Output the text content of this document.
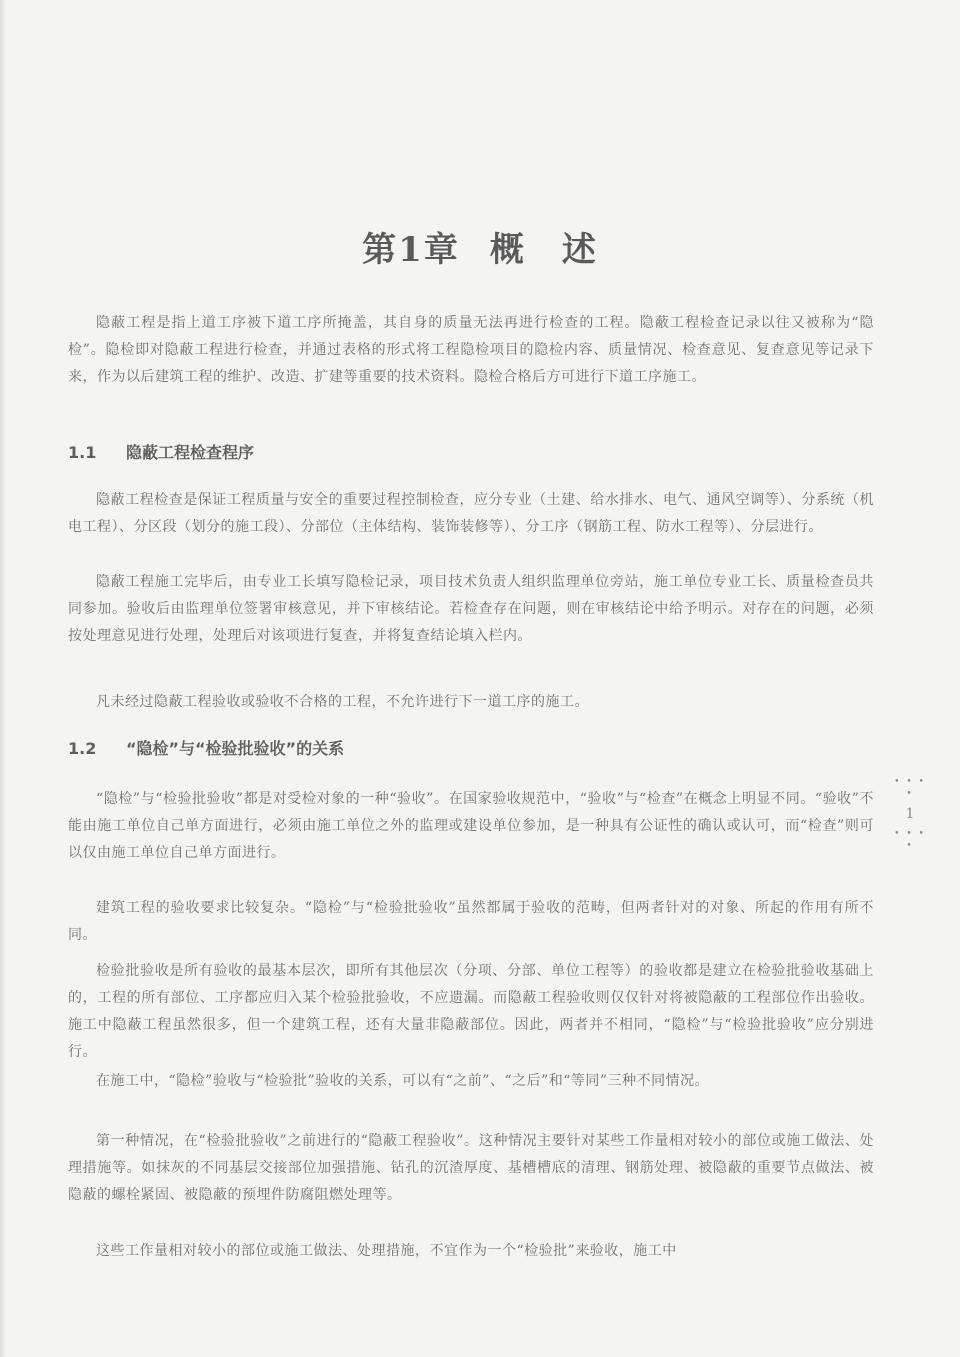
第1章 概　述

隐蔽工程是指上道工序被下道工序所掩盖，其自身的质量无法再进行检查的工程。隐蔽工程检查记录以往又被称为“隐检”。隐检即对隐蔽工程进行检查，并通过表格的形式将工程隐检项目的隐检内容、质量情况、检查意见、复查意见等记录下来，作为以后建筑工程的维护、改造、扩建等重要的技术资料。隐检合格后方可进行下道工序施工。

1.1 隐蔽工程检查程序

隐蔽工程检查是保证工程质量与安全的重要过程控制检查，应分专业（土建、给水排水、电气、通风空调等）、分系统（机电工程）、分区段（划分的施工段）、分部位（主体结构、装饰装修等）、分工序（钢筋工程、防水工程等）、分层进行。

隐蔽工程施工完毕后，由专业工长填写隐检记录，项目技术负责人组织监理单位旁站，施工单位专业工长、质量检查员共同参加。验收后由监理单位签署审核意见，并下审核结论。若检查存在问题，则在审核结论中给予明示。对存在的问题，必须按处理意见进行处理，处理后对该项进行复查，并将复查结论填入栏内。

凡未经过隐蔽工程验收或验收不合格的工程，不允许进行下一道工序的施工。

1.2 “隐检”与“检验批验收”的关系

“隐检”与“检验批验收”都是对受检对象的一种“验收”。在国家验收规范中，“验收”与“检查”在概念上明显不同。“验收”不能由施工单位自己单方面进行，必须由施工单位之外的监理或建设单位参加，是一种具有公证性的确认或认可，而“检查”则可以仅由施工单位自己单方面进行。

建筑工程的验收要求比较复杂。“隐检”与“检验批验收”虽然都属于验收的范畴，但两者针对的对象、所起的作用有所不同。

检验批验收是所有验收的最基本层次，即所有其他层次（分项、分部、单位工程等）的验收都是建立在检验批验收基础上的，工程的所有部位、工序都应归入某个检验批验收，不应遗漏。而隐蔽工程验收则仅仅针对将被隐蔽的工程部位作出验收。施工中隐蔽工程虽然很多，但一个建筑工程，还有大量非隐蔽部位。因此，两者并不相同，“隐检”与“检验批验收”应分别进行。

在施工中，“隐检”验收与“检验批”验收的关系，可以有“之前”、“之后”和“等同”三种不同情况。

第一种情况，在“检验批验收”之前进行的“隐蔽工程验收”。这种情况主要针对某些工作量相对较小的部位或施工做法、处理措施等。如抹灰的不同基层交接部位加强措施、钻孔的沉渣厚度、基槽槽底的清理、钢筋处理、被隐蔽的重要节点做法、被隐蔽的螺栓紧固、被隐蔽的预埋件防腐阻燃处理等。

这些工作量相对较小的部位或施工做法、处理措施，不宜作为一个“检验批”来验收，施工中

• • • •
1
• • • •
